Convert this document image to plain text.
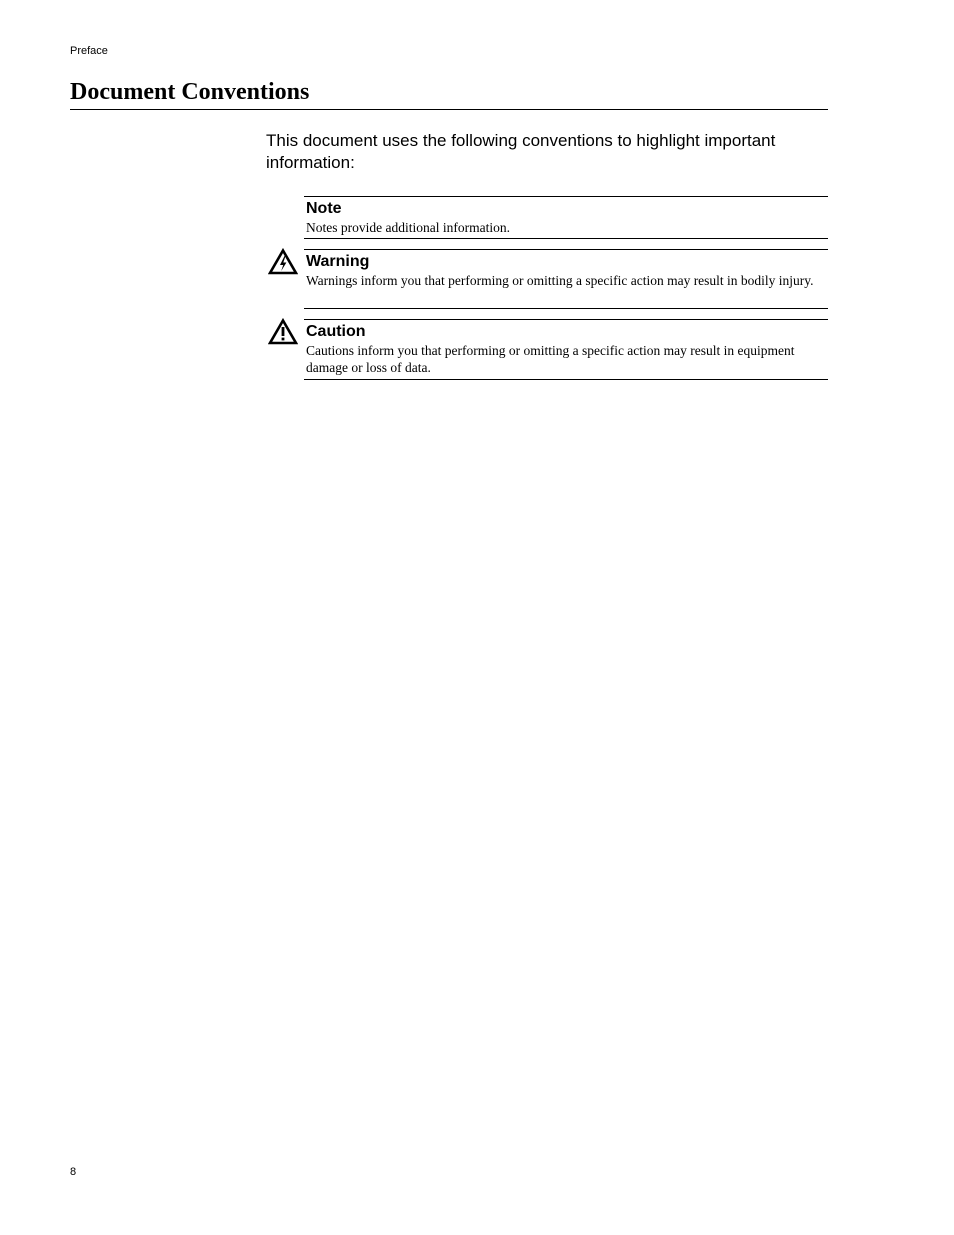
Preface
Document Conventions

This document uses the following conventions to highlight important information:

Note
Notes provide additional information.
Warning
Warnings inform you that performing or omitting a specific action may result in bodily injury.
Caution
Cautions inform you that performing or omitting a specific action may result in equipment damage or loss of data.
8
